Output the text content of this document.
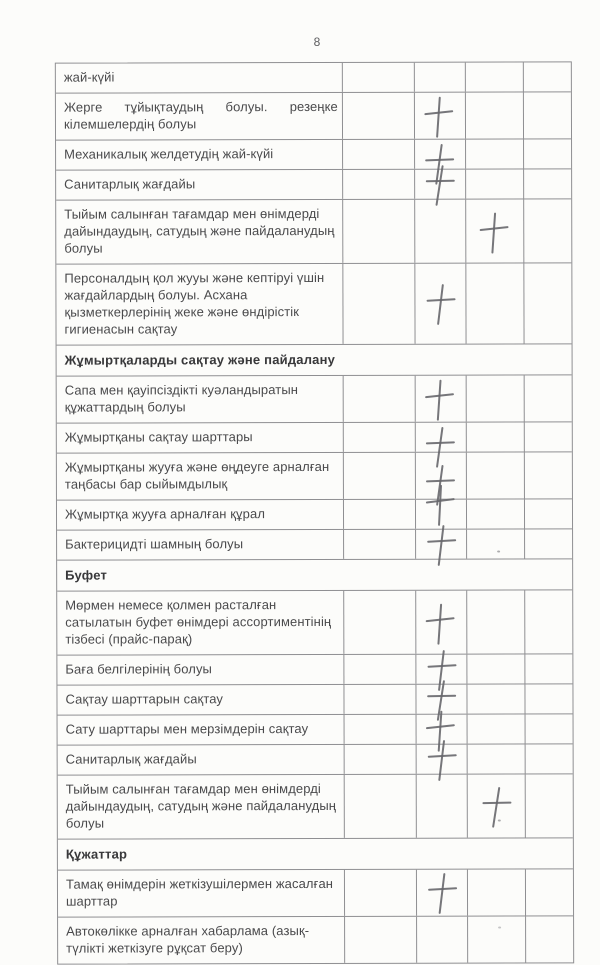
8
жай-күйі
Жерге тұйықтаудың болуы. резеңке кілемшелердің болуы
Механикалық желдетудің жай-күйі
Санитарлық жағдайы
Тыйым салынған тағамдар мен өнімдерді дайындаудың, сатудың және пайдаланудың болуы
Персоналдың қол жууы және кептіруі үшін жағдайлардың болуы. Асхана қызметкерлерінің жеке және өндірістік гигиенасын сақтау
Жұмыртқаларды сақтау және пайдалану
Сапа мен қауіпсіздікті куәландыратын құжаттардың болуы
Жұмыртқаны сақтау шарттары
Жұмыртқаны жууға және өңдеуге арналған таңбасы бар сыйымдылық
Жұмыртқа жууға арналған құрал
Бактерицидті шамның болуы
Буфет
Мөрмен немесе қолмен расталған сатылатын буфет өнімдері ассортиментінің тізбесі (прайс-парақ)
Баға белгілерінің болуы
Сақтау шарттарын сақтау
Сату шарттары мен мерзімдерін сақтау
Санитарлық жағдайы
Тыйым салынған тағамдар мен өнімдерді дайындаудың, сатудың және пайдаланудың болуы
Құжаттар
Тамақ өнімдерін жеткізушілермен жасалған шарттар
Автокөлікке арналған хабарлама (азық-түлікті жеткізуге рұқсат беру)
